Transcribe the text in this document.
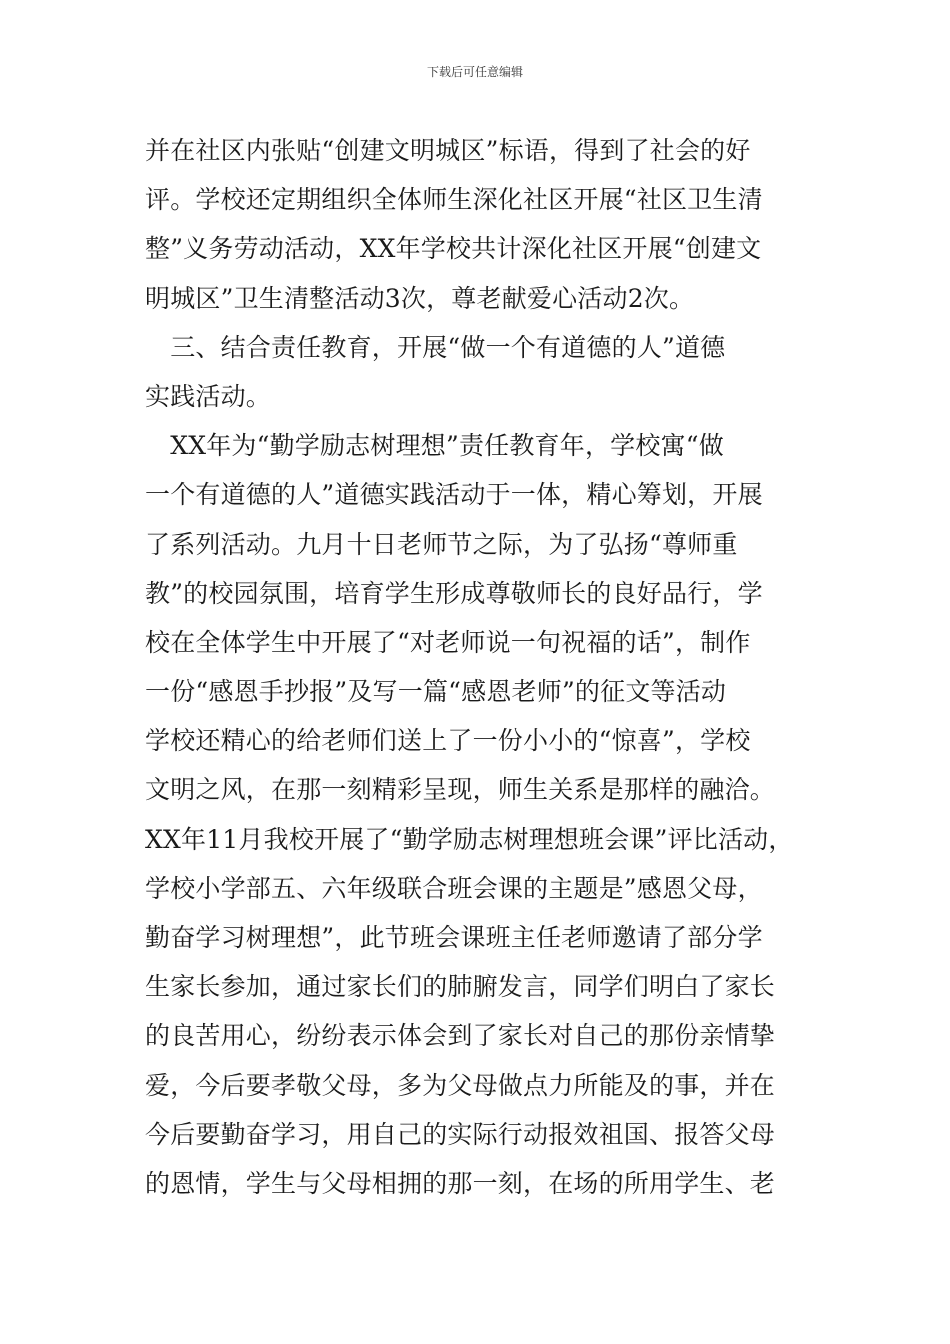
下载后可任意编辑
并在社区内张贴“创建文明城区”标语，得到了社会的好
评。学校还定期组织全体师生深化社区开展“社区卫生清
整”义务劳动活动，XX年学校共计深化社区开展“创建文
明城区”卫生清整活动3次，尊老献爱心活动2次。
　三、结合责任教育，开展“做一个有道德的人”道德
实践活动。
　XX年为“勤学励志树理想”责任教育年，学校寓“做
一个有道德的人”道德实践活动于一体，精心筹划，开展
了系列活动。九月十日老师节之际，为了弘扬“尊师重
教”的校园氛围，培育学生形成尊敬师长的良好品行，学
校在全体学生中开展了“对老师说一句祝福的话”，制作
一份“感恩手抄报”及写一篇“感恩老师”的征文等活动
学校还精心的给老师们送上了一份小小的“惊喜”，学校
文明之风，在那一刻精彩呈现，师生关系是那样的融洽。
XX年11月我校开展了“勤学励志树理想班会课”评比活动，
学校小学部五、六年级联合班会课的主题是”感恩父母，
勤奋学习树理想”，此节班会课班主任老师邀请了部分学
生家长参加，通过家长们的肺腑发言，同学们明白了家长
的良苦用心，纷纷表示体会到了家长对自己的那份亲情挚
爱，今后要孝敬父母，多为父母做点力所能及的事，并在
今后要勤奋学习，用自己的实际行动报效祖国、报答父母
的恩情，学生与父母相拥的那一刻，在场的所用学生、老
